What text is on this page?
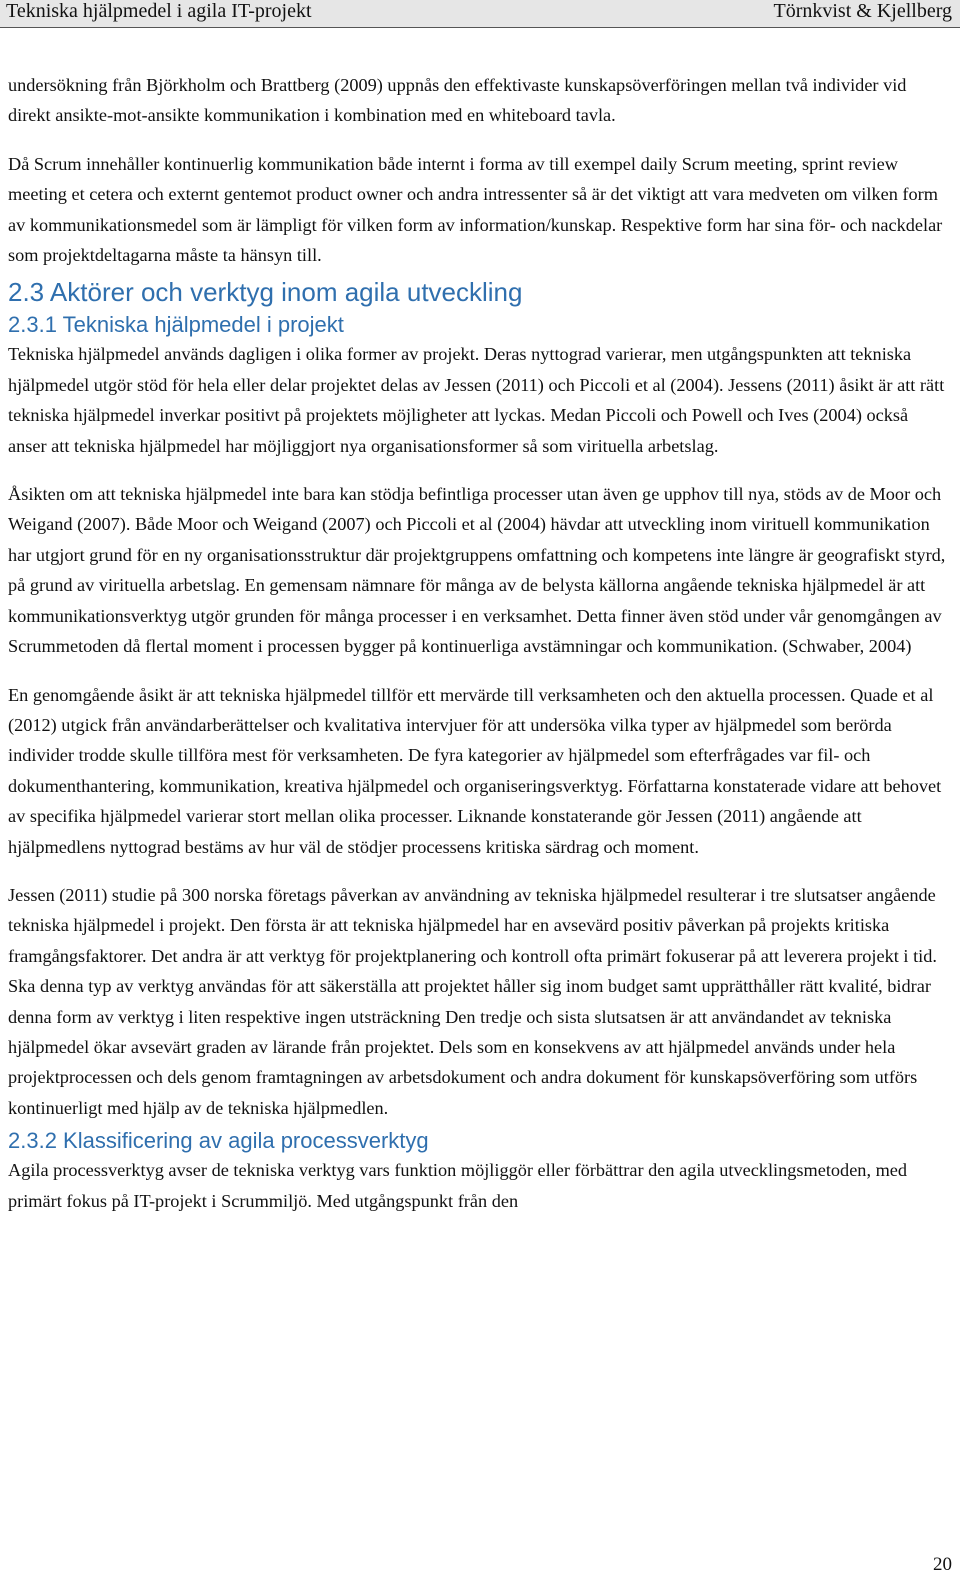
Tekniska hjälpmedel i agila IT-projekt	Törnkvist & Kjellberg

undersökning från Björkholm och Brattberg (2009) uppnås den effektivaste kunskapsöverföringen mellan två individer vid direkt ansikte-mot-ansikte kommunikation i kombination med en whiteboard tavla.

Då Scrum innehåller kontinuerlig kommunikation både internt i forma av till exempel daily Scrum meeting, sprint review meeting et cetera och externt gentemot product owner och andra intressenter så är det viktigt att vara medveten om vilken form av kommunikationsmedel som är lämpligt för vilken form av information/kunskap. Respektive form har sina för- och nackdelar som projektdeltagarna måste ta hänsyn till.

2.3 Aktörer och verktyg inom agila utveckling
2.3.1 Tekniska hjälpmedel i projekt

Tekniska hjälpmedel används dagligen i olika former av projekt. Deras nyttograd varierar, men utgångspunkten att tekniska hjälpmedel utgör stöd för hela eller delar projektet delas av Jessen (2011) och Piccoli et al (2004). Jessens (2011) åsikt är att rätt tekniska hjälpmedel inverkar positivt på projektets möjligheter att lyckas. Medan Piccoli och Powell och Ives (2004) också anser att tekniska hjälpmedel har möjliggjort nya organisationsformer så som virituella arbetslag.

Åsikten om att tekniska hjälpmedel inte bara kan stödja befintliga processer utan även ge upphov till nya, stöds av de Moor och Weigand (2007). Både Moor och Weigand (2007) och Piccoli et al (2004) hävdar att utveckling inom virituell kommunikation har utgjort grund för en ny organisationsstruktur där projektgruppens omfattning och kompetens inte längre är geografiskt styrd, på grund av virituella arbetslag. En gemensam nämnare för många av de belysta källorna angående tekniska hjälpmedel är att kommunikationsverktyg utgör grunden för många processer i en verksamhet. Detta finner även stöd under vår genomgången av Scrummetoden då flertal moment i processen bygger på kontinuerliga avstämningar och kommunikation. (Schwaber, 2004)

En genomgående åsikt är att tekniska hjälpmedel tillför ett mervärde till verksamheten och den aktuella processen. Quade et al (2012) utgick från användarberättelser och kvalitativa intervjuer för att undersöka vilka typer av hjälpmedel som berörda individer trodde skulle tillföra mest för verksamheten. De fyra kategorier av hjälpmedel som efterfrågades var fil- och dokumenthantering, kommunikation, kreativa hjälpmedel och organiseringsverktyg. Författarna konstaterade vidare att behovet av specifika hjälpmedel varierar stort mellan olika processer. Liknande konstaterande gör Jessen (2011) angående att hjälpmedlens nyttograd bestäms av hur väl de stödjer processens kritiska särdrag och moment.

Jessen (2011) studie på 300 norska företags påverkan av användning av tekniska hjälpmedel resulterar i tre slutsatser angående tekniska hjälpmedel i projekt. Den första är att tekniska hjälpmedel har en avsevärd positiv påverkan på projekts kritiska framgångsfaktorer. Det andra är att verktyg för projektplanering och kontroll ofta primärt fokuserar på att leverera projekt i tid. Ska denna typ av verktyg användas för att säkerställa att projektet håller sig inom budget samt upprätthåller rätt kvalité, bidrar denna form av verktyg i liten respektive ingen utsträckning Den tredje och sista slutsatsen är att användandet av tekniska hjälpmedel ökar avsevärt graden av lärande från projektet. Dels som en konsekvens av att hjälpmedel används under hela projektprocessen och dels genom framtagningen av arbetsdokument och andra dokument för kunskapsöverföring som utförs kontinuerligt med hjälp av de tekniska hjälpmedlen.

2.3.2 Klassificering av agila processverktyg

Agila processverktyg avser de tekniska verktyg vars funktion möjliggör eller förbättrar den agila utvecklingsmetoden, med primärt fokus på IT-projekt i Scrummiljö. Med utgångspunkt från den

20
